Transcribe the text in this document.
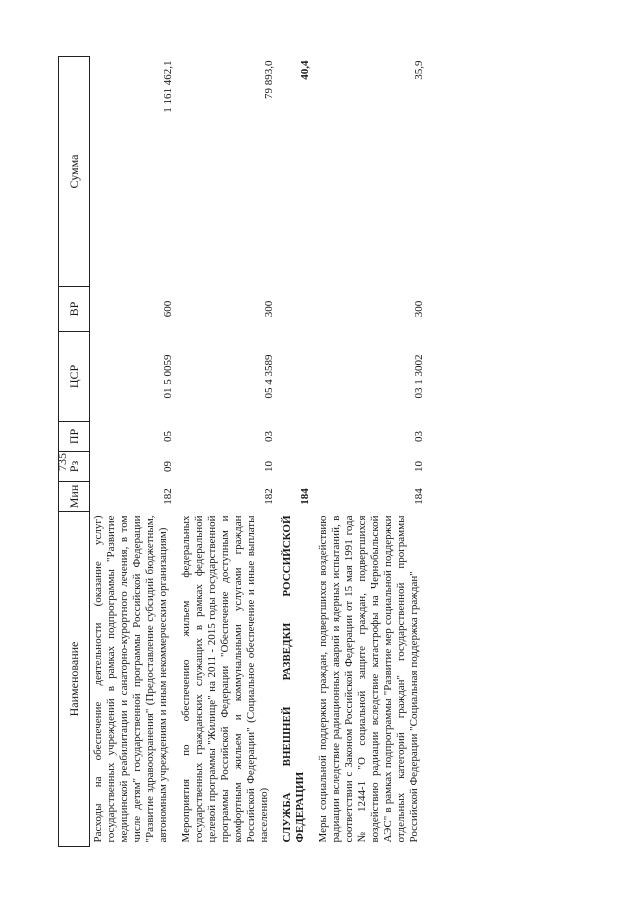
735
Наименование	Мин	Рз	ПР	ЦСР	ВР	Сумма
Расходы на обеспечение деятельности (оказание услуг) государственных учреждений в рамках подпрограммы "Развитие медицинской реабилитации и санаторно-курортного лечения, в том числе детям" государственной программы Российской Федерации "Развитие здравоохранения" (Предоставление субсидий бюджетным, автономным учреждениям и иным некоммерческим организациям)	182	09	05	01 5 0059	600	1 161 462,1
Мероприятия по обеспечению жильем федеральных государственных гражданских служащих в рамках федеральной целевой программы "Жилище" на 2011 - 2015 годы государственной программы Российской Федерации "Обеспечение доступным и комфортным жильем и коммунальными услугами граждан Российской Федерации" (Социальное обеспечение и иные выплаты населению)	182	10	03	05 4 3589	300	79 893,0
СЛУЖБА ВНЕШНЕЙ РАЗВЕДКИ РОССИЙСКОЙ ФЕДЕРАЦИИ	184					40,4
Меры социальной поддержки граждан, подвергшихся воздействию радиации вследствие радиационных аварий и ядерных испытаний, в соответствии с Законом Российской Федерации от 15 мая 1991 года № 1244-1 "О социальной защите граждан, подвергшихся воздействию радиации вследствие катастрофы на Чернобыльской АЭС" в рамках подпрограммы "Развитие мер социальной поддержки отдельных категорий граждан" государственной программы Российской Федерации "Социальная поддержка граждан"	184	10	03	03 1 3002	300	35,9
